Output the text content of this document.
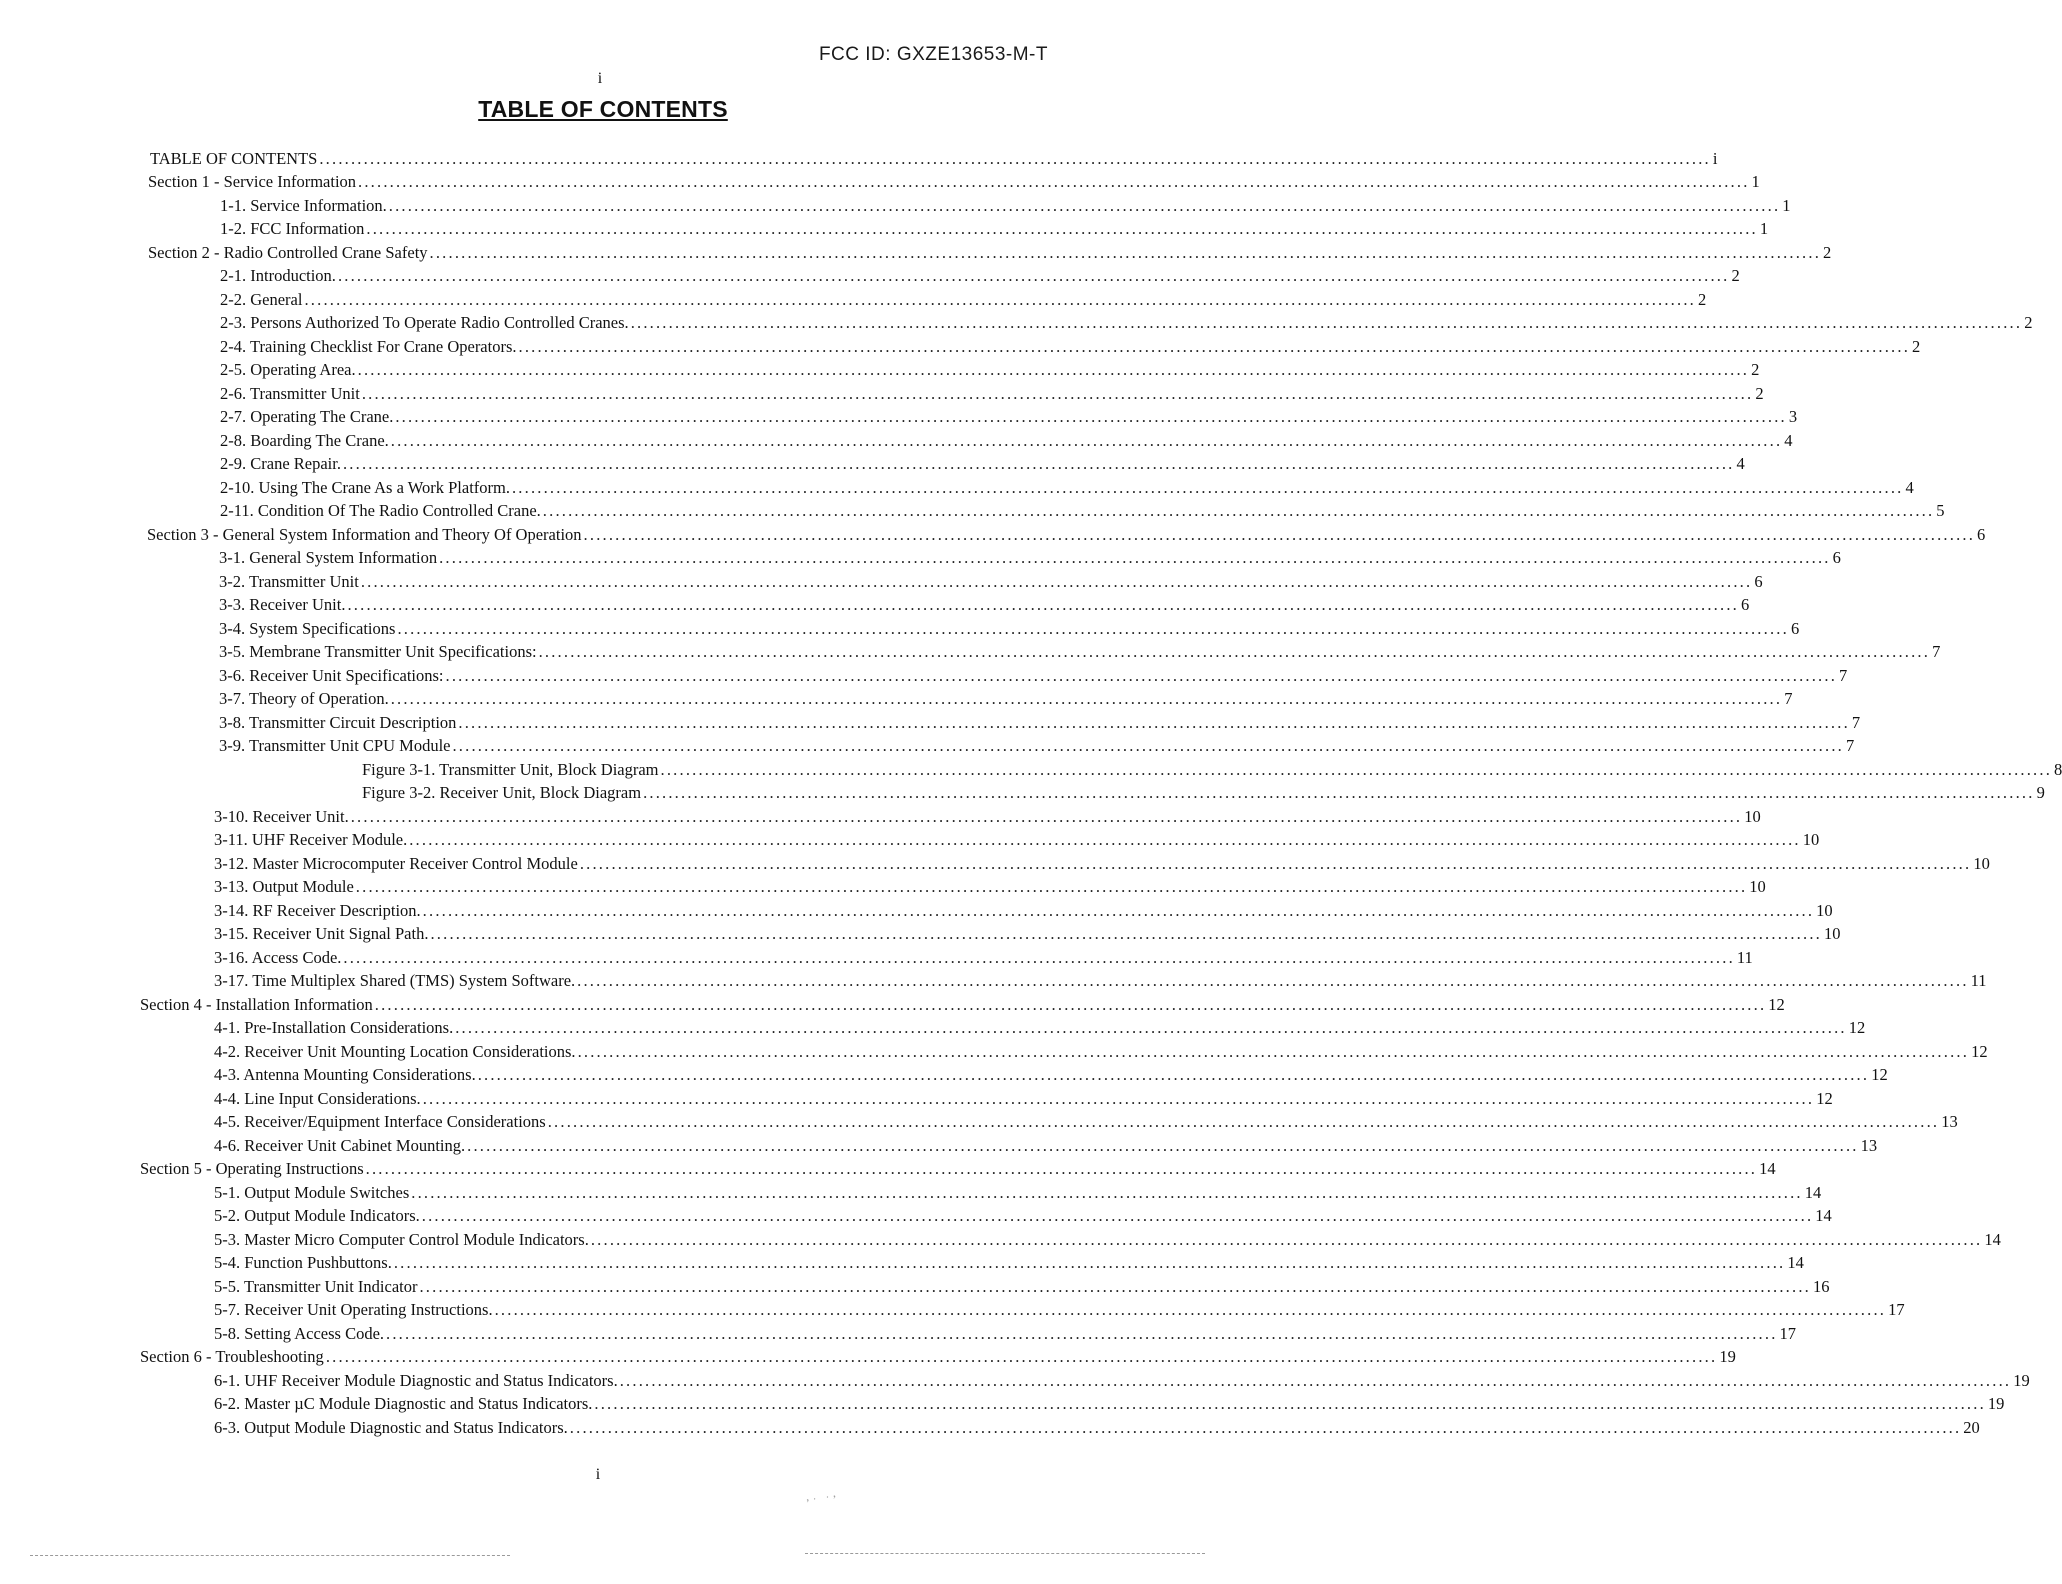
FCC ID: GXZE13653-M-T
i
TABLE OF CONTENTS
TABLE OF CONTENTS ............................................................................................................................................................................................................................ i
Section 1 - Service Information ............................................................................................................................................................................................................................ 1
1-1. Service Information. ............................................................................................................................................................................................................................ 1
1-2. FCC Information ............................................................................................................................................................................................................................ 1
Section 2 - Radio Controlled Crane Safety ............................................................................................................................................................................................................................ 2
2-1. Introduction. ............................................................................................................................................................................................................................ 2
2-2. General ............................................................................................................................................................................................................................ 2
2-3. Persons Authorized To Operate Radio Controlled Cranes. ............................................................................................................................................................................................................................ 2
2-4. Training Checklist For Crane Operators. ............................................................................................................................................................................................................................ 2
2-5. Operating Area. ............................................................................................................................................................................................................................ 2
2-6. Transmitter Unit ............................................................................................................................................................................................................................ 2
2-7. Operating The Crane. ............................................................................................................................................................................................................................ 3
2-8. Boarding The Crane. ............................................................................................................................................................................................................................ 4
2-9. Crane Repair. ............................................................................................................................................................................................................................ 4
2-10. Using The Crane As a Work Platform. ............................................................................................................................................................................................................................ 4
2-11. Condition Of The Radio Controlled Crane. ............................................................................................................................................................................................................................ 5
Section 3 - General System Information and Theory Of Operation ............................................................................................................................................................................................................................ 6
3-1. General System Information ............................................................................................................................................................................................................................ 6
3-2. Transmitter Unit ............................................................................................................................................................................................................................ 6
3-3. Receiver Unit. ............................................................................................................................................................................................................................ 6
3-4. System Specifications ............................................................................................................................................................................................................................ 6
3-5. Membrane Transmitter Unit Specifications: ............................................................................................................................................................................................................................ 7
3-6. Receiver Unit Specifications: ............................................................................................................................................................................................................................ 7
3-7. Theory of Operation. ............................................................................................................................................................................................................................ 7
3-8. Transmitter Circuit Description ............................................................................................................................................................................................................................ 7
3-9. Transmitter Unit CPU Module ............................................................................................................................................................................................................................ 7
Figure 3-1. Transmitter Unit, Block Diagram ............................................................................................................................................................................................................................ 8
Figure 3-2. Receiver Unit, Block Diagram ............................................................................................................................................................................................................................ 9
3-10. Receiver Unit. ............................................................................................................................................................................................................................ 10
3-11. UHF Receiver Module. ............................................................................................................................................................................................................................ 10
3-12. Master Microcomputer Receiver Control Module ............................................................................................................................................................................................................................ 10
3-13. Output Module ............................................................................................................................................................................................................................ 10
3-14. RF Receiver Description. ............................................................................................................................................................................................................................ 10
3-15. Receiver Unit Signal Path. ............................................................................................................................................................................................................................ 10
3-16. Access Code. ............................................................................................................................................................................................................................ 11
3-17. Time Multiplex Shared (TMS) System Software. ............................................................................................................................................................................................................................ 11
Section 4 - Installation Information ............................................................................................................................................................................................................................ 12
4-1. Pre-Installation Considerations. ............................................................................................................................................................................................................................ 12
4-2. Receiver Unit Mounting Location Considerations. ............................................................................................................................................................................................................................ 12
4-3. Antenna Mounting Considerations. ............................................................................................................................................................................................................................ 12
4-4. Line Input Considerations. ............................................................................................................................................................................................................................ 12
4-5. Receiver/Equipment Interface Considerations ............................................................................................................................................................................................................................ 13
4-6. Receiver Unit Cabinet Mounting. ............................................................................................................................................................................................................................ 13
Section 5 - Operating Instructions ............................................................................................................................................................................................................................ 14
5-1. Output Module Switches ............................................................................................................................................................................................................................ 14
5-2. Output Module Indicators. ............................................................................................................................................................................................................................ 14
5-3. Master Micro Computer Control Module Indicators. ............................................................................................................................................................................................................................ 14
5-4. Function Pushbuttons. ............................................................................................................................................................................................................................ 14
5-5. Transmitter Unit Indicator ............................................................................................................................................................................................................................ 16
5-7. Receiver Unit Operating Instructions. ............................................................................................................................................................................................................................ 17
5-8. Setting Access Code. ............................................................................................................................................................................................................................ 17
Section 6 - Troubleshooting ............................................................................................................................................................................................................................ 19
6-1. UHF Receiver Module Diagnostic and Status Indicators. ............................................................................................................................................................................................................................ 19
6-2. Master µC Module Diagnostic and Status Indicators. ............................................................................................................................................................................................................................ 19
6-3. Output Module Diagnostic and Status Indicators. ............................................................................................................................................................................................................................ 20
i
ʼ˙ ˙ʼ
